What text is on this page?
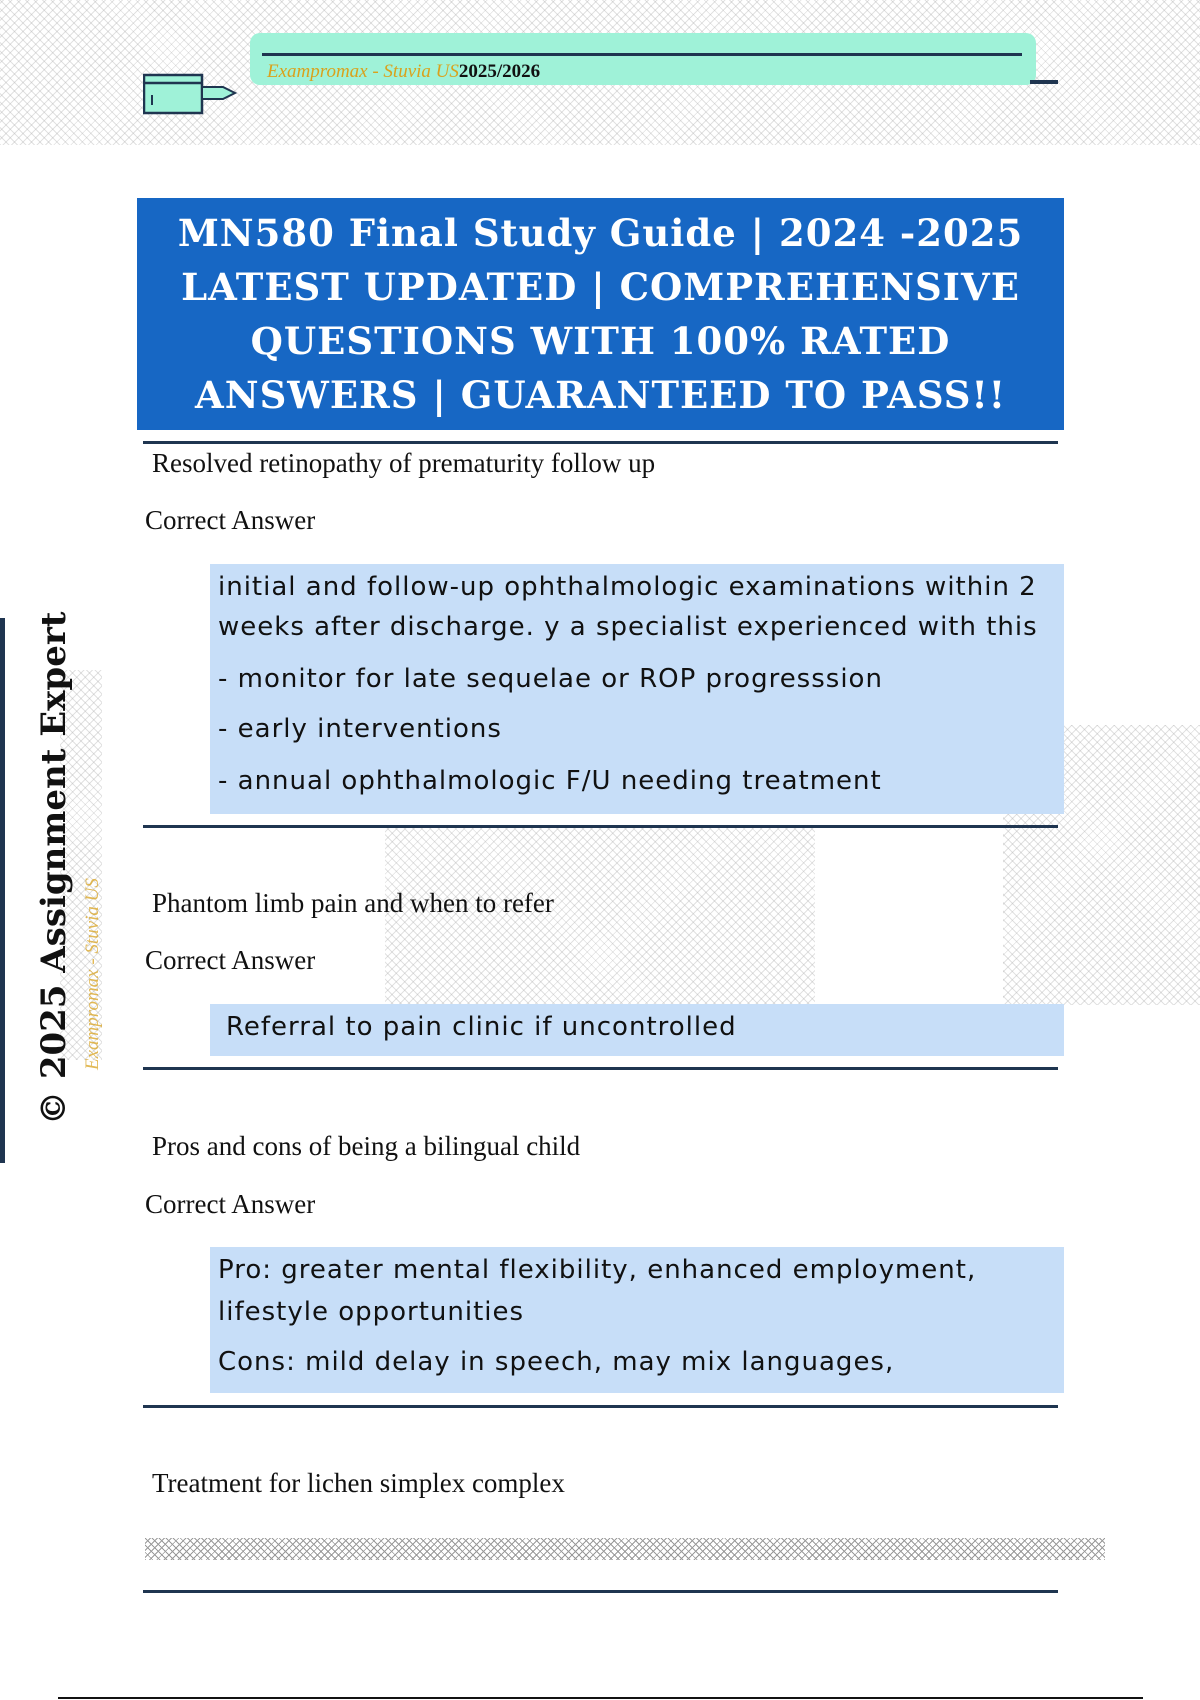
Exampromax - Stuvia US2025/2026
MN580 Final Study Guide | 2024 -2025 LATEST UPDATED | COMPREHENSIVE QUESTIONS WITH 100% RATED ANSWERS | GUARANTEED TO PASS!!
Resolved retinopathy of prematurity follow up
Correct Answer
initial and follow-up ophthalmologic examinations within 2
weeks after discharge. y a specialist experienced with this
- monitor for late sequelae or ROP progresssion
- early interventions
- annual ophthalmologic F/U needing treatment
Phantom limb pain and when to refer
Correct Answer
Referral to pain clinic if uncontrolled
Pros and cons of being a bilingual child
Correct Answer
Pro: greater mental flexibility, enhanced employment,
lifestyle opportunities
Cons: mild delay in speech, may mix languages,
Treatment for lichen simplex complex
© 2025 Assignment Expert Exampromax - Stuvia US
